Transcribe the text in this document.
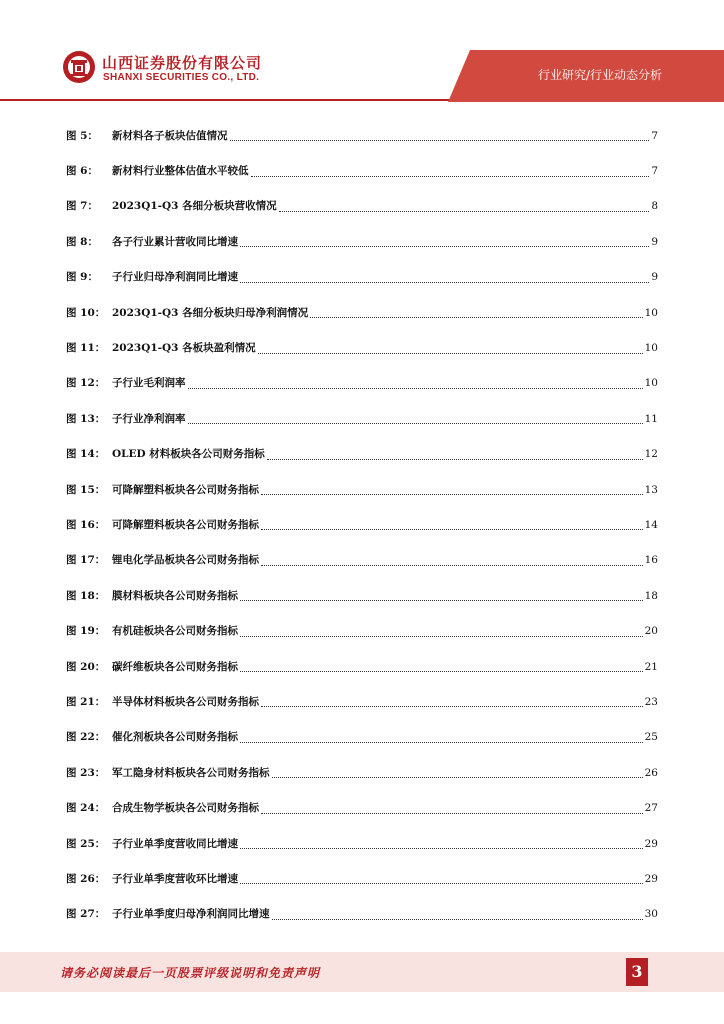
山西证券股份有限公司
SHANXI SECURITIES CO., LTD.	行业研究/行业动态分析
图 5：	新材料各子板块估值情况	7
图 6：	新材料行业整体估值水平较低	7
图 7：	2023Q1-Q3 各细分板块营收情况	8
图 8：	各子行业累计营收同比增速	9
图 9：	子行业归母净利润同比增速	9
图 10： 2023Q1-Q3 各细分板块归母净利润情况	10
图 11： 2023Q1-Q3 各板块盈利情况	10
图 12： 子行业毛利润率	10
图 13： 子行业净利润率	11
图 14： OLED 材料板块各公司财务指标	12
图 15： 可降解塑料板块各公司财务指标	13
图 16： 可降解塑料板块各公司财务指标	14
图 17： 锂电化学品板块各公司财务指标	16
图 18： 膜材料板块各公司财务指标	18
图 19： 有机硅板块各公司财务指标	20
图 20： 碳纤维板块各公司财务指标	21
图 21： 半导体材料板块各公司财务指标	23
图 22： 催化剂板块各公司财务指标	25
图 23： 军工隐身材料板块各公司财务指标	26
图 24： 合成生物学板块各公司财务指标	27
图 25： 子行业单季度营收同比增速	29
图 26： 子行业单季度营收环比增速	29
图 27： 子行业单季度归母净利润同比增速	30
请务必阅读最后一页股票评级说明和免责声明	3
